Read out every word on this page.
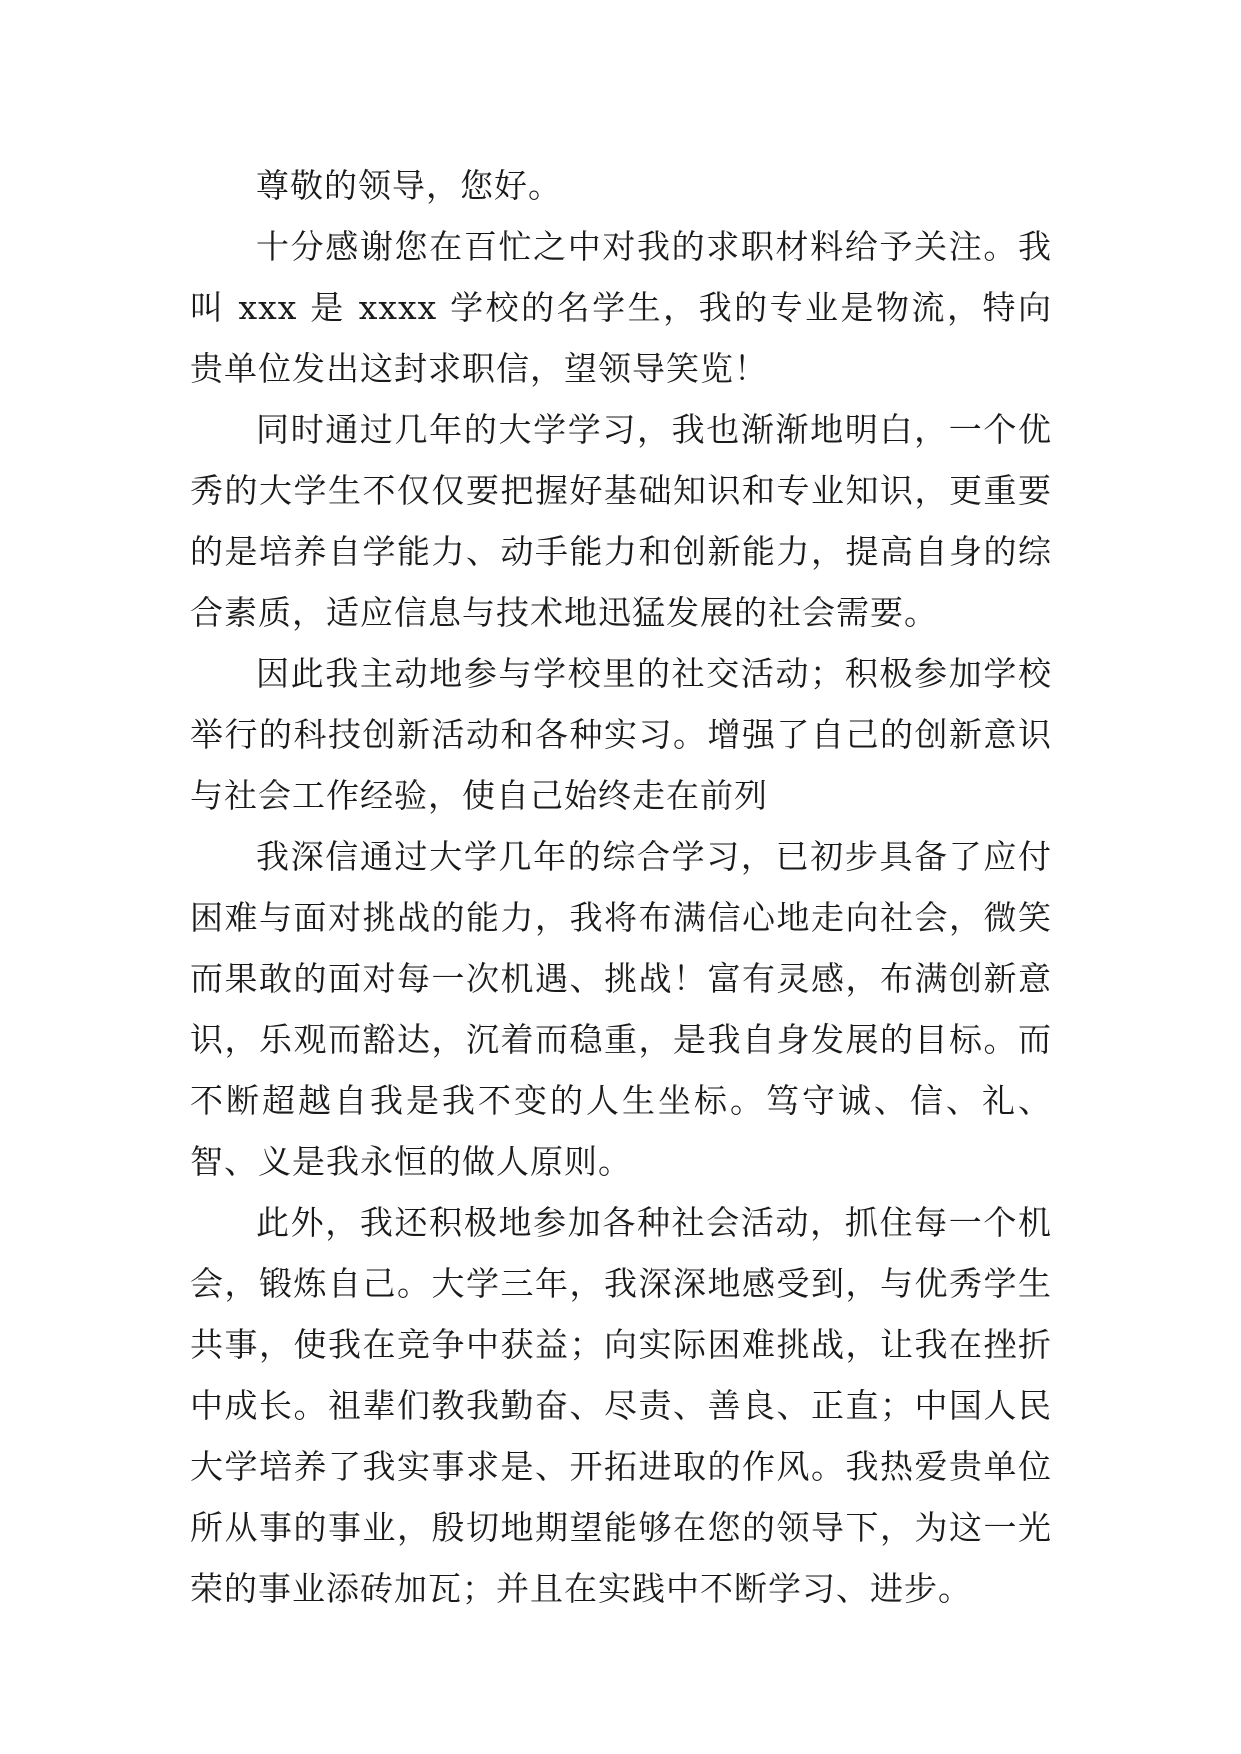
尊敬的领导，您好。

十分感谢您在百忙之中对我的求职材料给予关注。我叫 xxx 是 xxxx 学校的名学生，我的专业是物流，特向贵单位发出这封求职信，望领导笑览！

同时通过几年的大学学习，我也渐渐地明白，一个优秀的大学生不仅仅要把握好基础知识和专业知识，更重要的是培养自学能力、动手能力和创新能力，提高自身的综合素质，适应信息与技术地迅猛发展的社会需要。

因此我主动地参与学校里的社交活动；积极参加学校举行的科技创新活动和各种实习。增强了自己的创新意识与社会工作经验，使自己始终走在前列

我深信通过大学几年的综合学习，已初步具备了应付困难与面对挑战的能力，我将布满信心地走向社会，微笑而果敢的面对每一次机遇、挑战！富有灵感，布满创新意识，乐观而豁达，沉着而稳重，是我自身发展的目标。而不断超越自我是我不变的人生坐标。笃守诚、信、礼、智、义是我永恒的做人原则。

此外，我还积极地参加各种社会活动，抓住每一个机会，锻炼自己。大学三年，我深深地感受到，与优秀学生共事，使我在竞争中获益；向实际困难挑战，让我在挫折中成长。祖辈们教我勤奋、尽责、善良、正直；中国人民大学培养了我实事求是、开拓进取的作风。我热爱贵单位所从事的事业，殷切地期望能够在您的领导下，为这一光荣的事业添砖加瓦；并且在实践中不断学习、进步。
